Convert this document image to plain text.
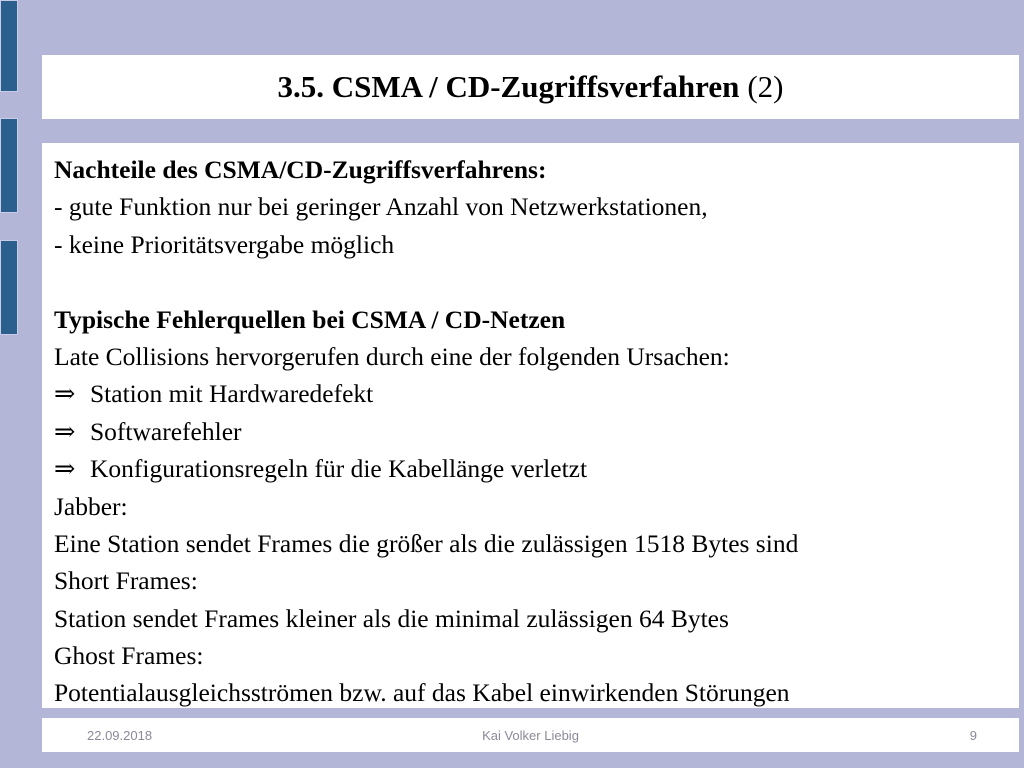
3.5. CSMA / CD-Zugriffsverfahren (2)
Nachteile des CSMA/CD-Zugriffsverfahrens:
- gute Funktion nur bei geringer Anzahl von Netzwerkstationen,
- keine Prioritätsvergabe möglich
Typische Fehlerquellen bei CSMA / CD-Netzen
Late Collisions hervorgerufen durch eine der folgenden Ursachen:
⇒ Station mit Hardwaredefekt
⇒ Softwarefehler
⇒ Konfigurationsregeln für die Kabellänge verletzt
Jabber:
Eine Station sendet Frames die größer als die zulässigen 1518 Bytes sind
Short Frames:
Station sendet Frames kleiner als die minimal zulässigen 64 Bytes
Ghost Frames:
Potentialausgleichsströmen bzw. auf das Kabel einwirkenden Störungen
22.09.2018	Kai Volker Liebig	9
